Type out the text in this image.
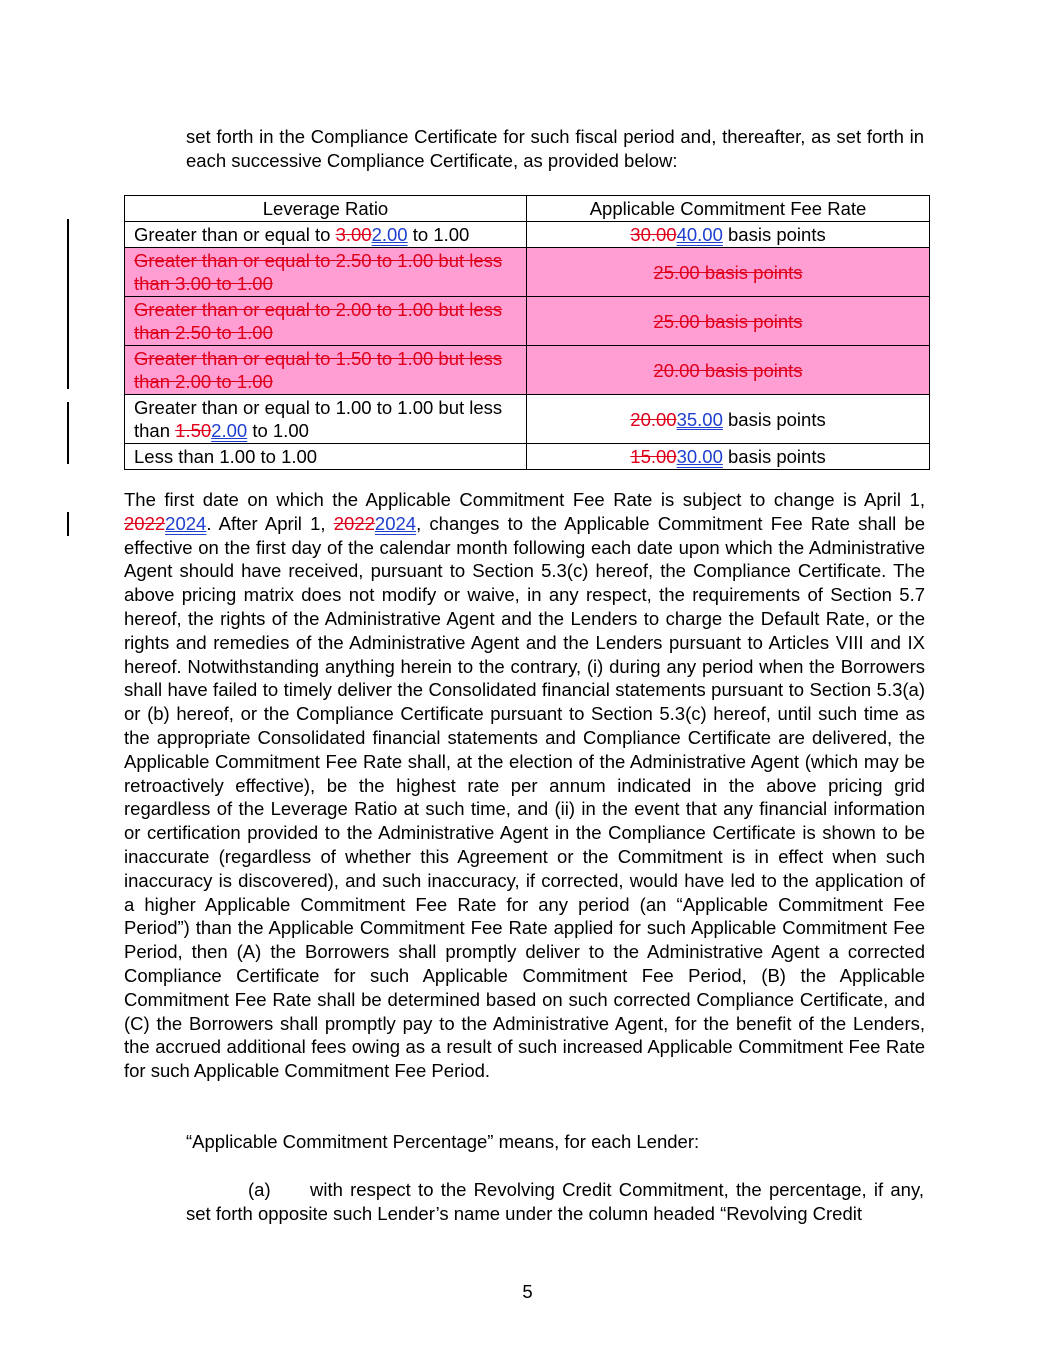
set forth in the Compliance Certificate for such fiscal period and, thereafter, as set forth in each successive Compliance Certificate, as provided below:
Leverage Ratio	Applicable Commitment Fee Rate
Greater than or equal to 3.002.00 to 1.00	30.0040.00 basis points
Greater than or equal to 2.50 to 1.00 but less than 3.00 to 1.00	25.00 basis points
Greater than or equal to 2.00 to 1.00 but less than 2.50 to 1.00	25.00 basis points
Greater than or equal to 1.50 to 1.00 but less than 2.00 to 1.00	20.00 basis points
Greater than or equal to 1.00 to 1.00 but less than 1.502.00 to 1.00	20.0035.00 basis points
Less than 1.00 to 1.00	15.0030.00 basis points
The first date on which the Applicable Commitment Fee Rate is subject to change is April 1, 20222024. After April 1, 20222024, changes to the Applicable Commitment Fee Rate shall be effective on the first day of the calendar month following each date upon which the Administrative Agent should have received, pursuant to Section 5.3(c) hereof, the Compliance Certificate. The above pricing matrix does not modify or waive, in any respect, the requirements of Section 5.7 hereof, the rights of the Administrative Agent and the Lenders to charge the Default Rate, or the rights and remedies of the Administrative Agent and the Lenders pursuant to Articles VIII and IX hereof. Notwithstanding anything herein to the contrary, (i) during any period when the Borrowers shall have failed to timely deliver the Consolidated financial statements pursuant to Section 5.3(a) or (b) hereof, or the Compliance Certificate pursuant to Section 5.3(c) hereof, until such time as the appropriate Consolidated financial statements and Compliance Certificate are delivered, the Applicable Commitment Fee Rate shall, at the election of the Administrative Agent (which may be retroactively effective), be the highest rate per annum indicated in the above pricing grid regardless of the Leverage Ratio at such time, and (ii) in the event that any financial information or certification provided to the Administrative Agent in the Compliance Certificate is shown to be inaccurate (regardless of whether this Agreement or the Commitment is in effect when such inaccuracy is discovered), and such inaccuracy, if corrected, would have led to the application of a higher Applicable Commitment Fee Rate for any period (an “Applicable Commitment Fee Period”) than the Applicable Commitment Fee Rate applied for such Applicable Commitment Fee Period, then (A) the Borrowers shall promptly deliver to the Administrative Agent a corrected Compliance Certificate for such Applicable Commitment Fee Period, (B) the Applicable Commitment Fee Rate shall be determined based on such corrected Compliance Certificate, and (C) the Borrowers shall promptly pay to the Administrative Agent, for the benefit of the Lenders, the accrued additional fees owing as a result of such increased Applicable Commitment Fee Rate for such Applicable Commitment Fee Period.
“Applicable Commitment Percentage” means, for each Lender:
(a) with respect to the Revolving Credit Commitment, the percentage, if any, set forth opposite such Lender’s name under the column headed “Revolving Credit
5
